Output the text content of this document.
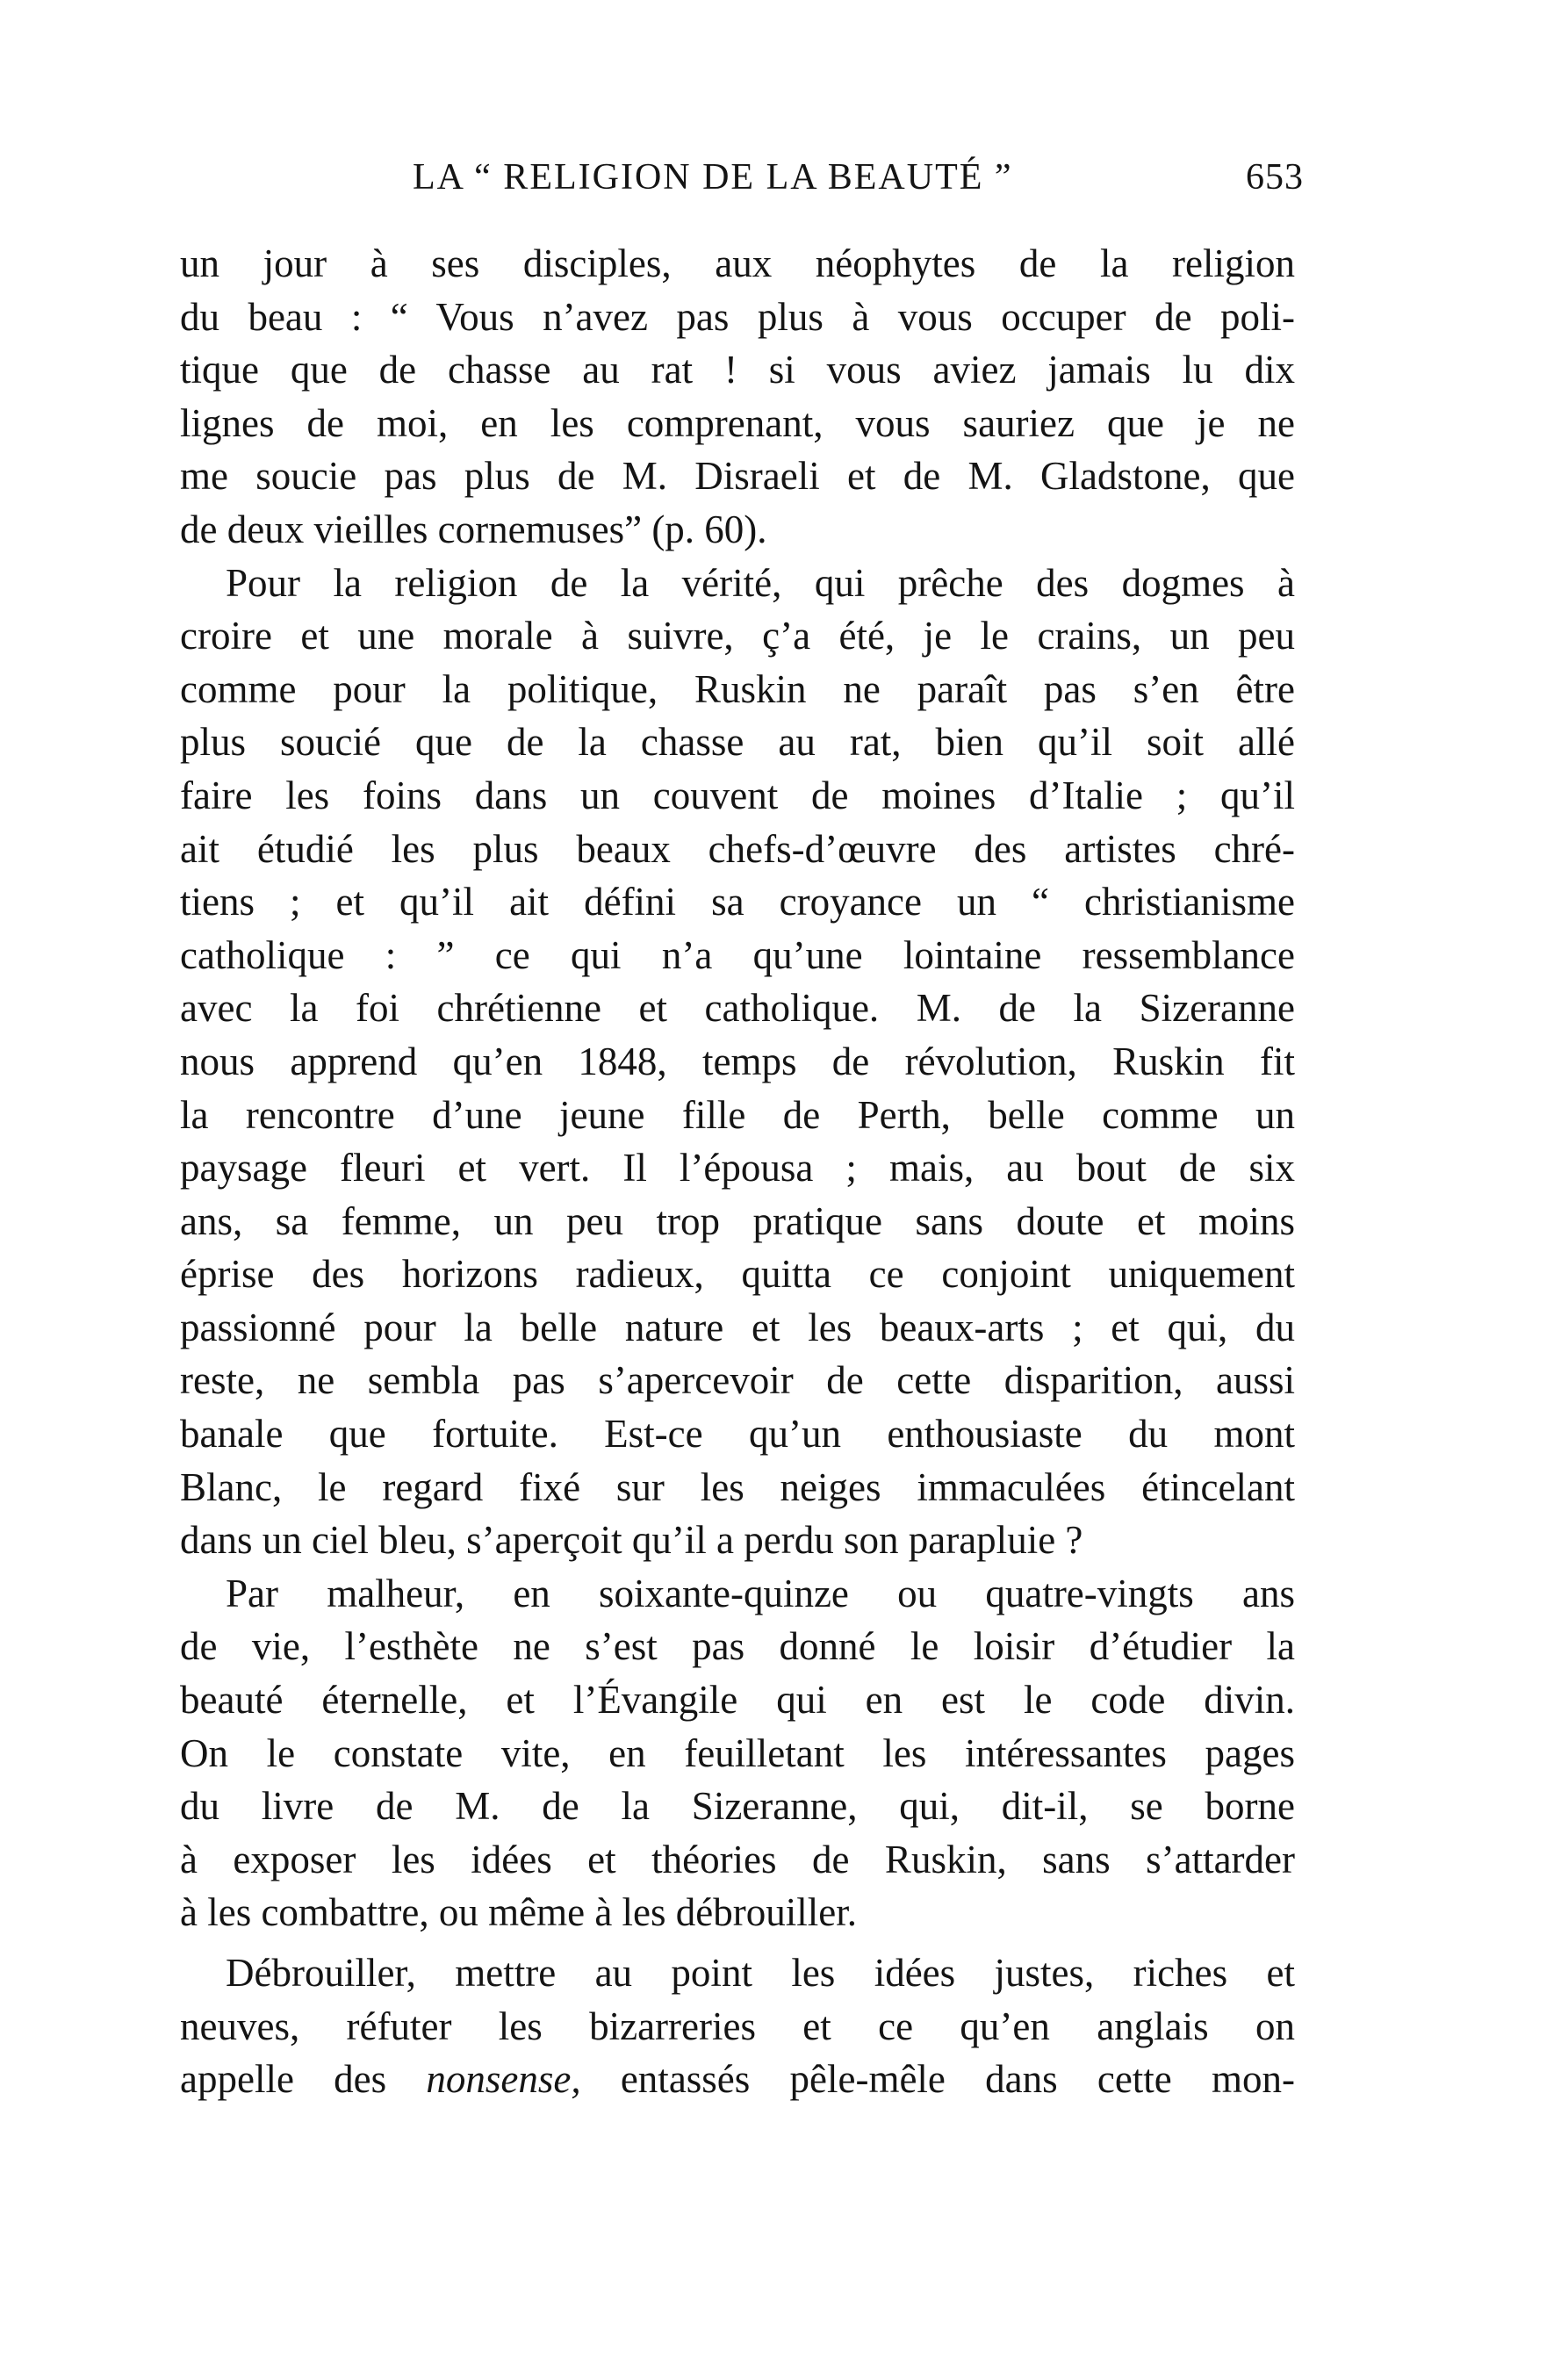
LA “ RELIGION DE LA BEAUTÉ ”	653
un jour à ses disciples, aux néophytes de la religion
du beau : “ Vous n’avez pas plus à vous occuper de poli-
tique que de chasse au rat ! si vous aviez jamais lu dix
lignes de moi, en les comprenant, vous sauriez que je ne
me soucie pas plus de M. Disraeli et de M. Gladstone, que
de deux vieilles cornemuses” (p. 60).
Pour la religion de la vérité, qui prêche des dogmes à
croire et une morale à suivre, ç’a été, je le crains, un peu
comme pour la politique, Ruskin ne paraît pas s’en être
plus soucié que de la chasse au rat, bien qu’il soit allé
faire les foins dans un couvent de moines d’Italie ; qu’il
ait étudié les plus beaux chefs-d’œuvre des artistes chré-
tiens ; et qu’il ait défini sa croyance un “ christianisme
catholique : ” ce qui n’a qu’une lointaine ressemblance
avec la foi chrétienne et catholique. M. de la Sizeranne
nous apprend qu’en 1848, temps de révolution, Ruskin fit
la rencontre d’une jeune fille de Perth, belle comme un
paysage fleuri et vert. Il l’épousa ; mais, au bout de six
ans, sa femme, un peu trop pratique sans doute et moins
éprise des horizons radieux, quitta ce conjoint uniquement
passionné pour la belle nature et les beaux-arts ; et qui, du
reste, ne sembla pas s’apercevoir de cette disparition, aussi
banale que fortuite. Est-ce qu’un enthousiaste du mont
Blanc, le regard fixé sur les neiges immaculées étincelant
dans un ciel bleu, s’aperçoit qu’il a perdu son parapluie ?
Par malheur, en soixante-quinze ou quatre-vingts ans
de vie, l’esthète ne s’est pas donné le loisir d’étudier la
beauté éternelle, et l’Évangile qui en est le code divin.
On le constate vite, en feuilletant les intéressantes pages
du livre de M. de la Sizeranne, qui, dit-il, se borne
à exposer les idées et théories de Ruskin, sans s’attarder
à les combattre, ou même à les débrouiller.
Débrouiller, mettre au point les idées justes, riches et
neuves, réfuter les bizarreries et ce qu’en anglais on
appelle des nonsense, entassés pêle-mêle dans cette mon-
